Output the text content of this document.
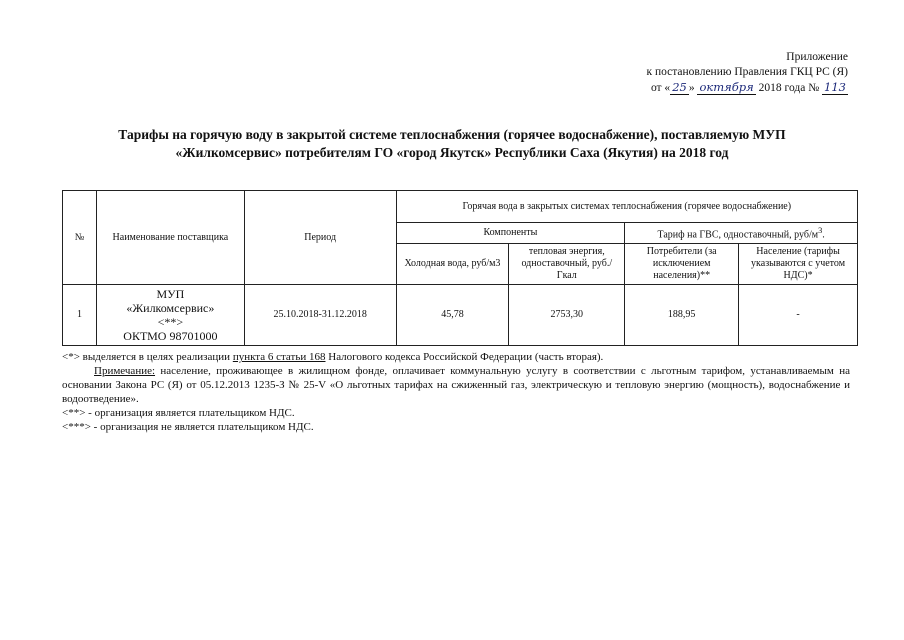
Приложение
к постановлению Правления ГКЦ РС (Я)
от « 25 » октября 2018 года № 113
Тарифы на горячую воду в закрытой системе теплоснабжения (горячее водоснабжение), поставляемую МУП
«Жилкомсервис» потребителям ГО «город Якутск» Республики Саха (Якутия) на 2018 год
№	Наименование поставщика	Период	Горячая вода в закрытых системах теплоснабжения (горячее водоснабжение)			
			Компоненты		Тариф на ГВС, одноставочный, руб/$м^3$.	
			Холодная вода, руб/м3	тепловая энергия, одноставочный, руб./Гкал	Потребители (за исключением населения)**	Население (тарифы указываются с учетом НДС)*
1	МУП
«Жилкомсервис»
<**>
ОКТМО 98701000	25.10.2018-31.12.2018	45,78	2753,30	188,95	-

<*> выделяется в целях реализации пункта 6 статьи 168 Налогового кодекса Российской Федерации (часть вторая).

Примечание: население, проживающее в жилищном фонде, оплачивает коммунальную услугу в соответствии с льготным тарифом, устанавливаемым на основании Закона РС (Я) от 05.12.2013 1235-З № 25-V «О льготных тарифах на сжиженный газ, электрическую и тепловую энергию (мощность), водоснабжение и водоотведение».

<**> - организация является плательщиком НДС.

<***> - организация не является плательщиком НДС.
